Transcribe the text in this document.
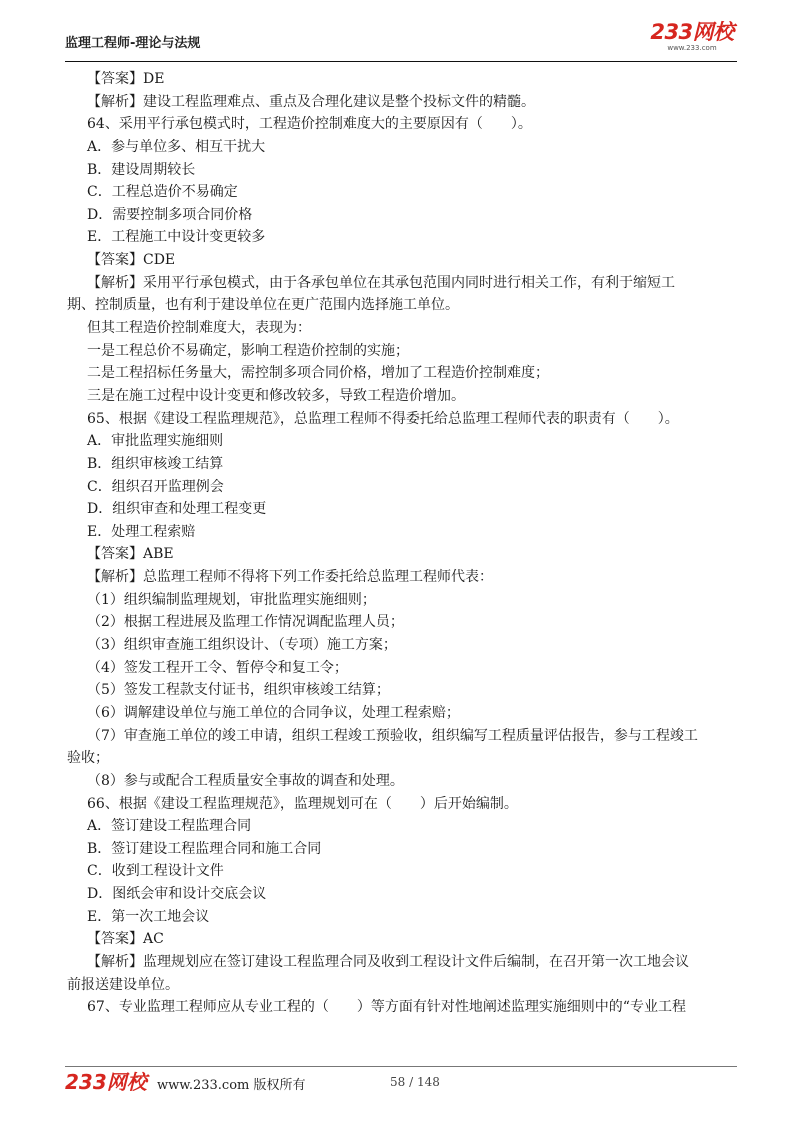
监理工程师-理论与法规	233网校
www.233.com
【答案】DE
【解析】建设工程监理难点、重点及合理化建议是整个投标文件的精髓。
64、采用平行承包模式时，工程造价控制难度大的主要原因有（　　）。
A．参与单位多、相互干扰大
B．建设周期较长
C．工程总造价不易确定
D．需要控制多项合同价格
E．工程施工中设计变更较多
【答案】CDE
【解析】采用平行承包模式，由于各承包单位在其承包范围内同时进行相关工作，有利于缩短工
期、控制质量，也有利于建设单位在更广范围内选择施工单位。
但其工程造价控制难度大，表现为：
一是工程总价不易确定，影响工程造价控制的实施；
二是工程招标任务量大，需控制多项合同价格，增加了工程造价控制难度；
三是在施工过程中设计变更和修改较多，导致工程造价增加。
65、根据《建设工程监理规范》，总监理工程师不得委托给总监理工程师代表的职责有（　　）。
A．审批监理实施细则
B．组织审核竣工结算
C．组织召开监理例会
D．组织审查和处理工程变更
E．处理工程索赔
【答案】ABE
【解析】总监理工程师不得将下列工作委托给总监理工程师代表：
（1）组织编制监理规划，审批监理实施细则；
（2）根据工程进展及监理工作情况调配监理人员；
（3）组织审查施工组织设计、（专项）施工方案；
（4）签发工程开工令、暂停令和复工令；
（5）签发工程款支付证书，组织审核竣工结算；
（6）调解建设单位与施工单位的合同争议，处理工程索赔；
（7）审查施工单位的竣工申请，组织工程竣工预验收，组织编写工程质量评估报告，参与工程竣工
验收；
（8）参与或配合工程质量安全事故的调查和处理。
66、根据《建设工程监理规范》，监理规划可在（　　）后开始编制。
A．签订建设工程监理合同
B．签订建设工程监理合同和施工合同
C．收到工程设计文件
D．图纸会审和设计交底会议
E．第一次工地会议
【答案】AC
【解析】监理规划应在签订建设工程监理合同及收到工程设计文件后编制，在召开第一次工地会议
前报送建设单位。
67、专业监理工程师应从专业工程的（　　）等方面有针对性地阐述监理实施细则中的“专业工程
233网校 www.233.com 版权所有	58 / 148
